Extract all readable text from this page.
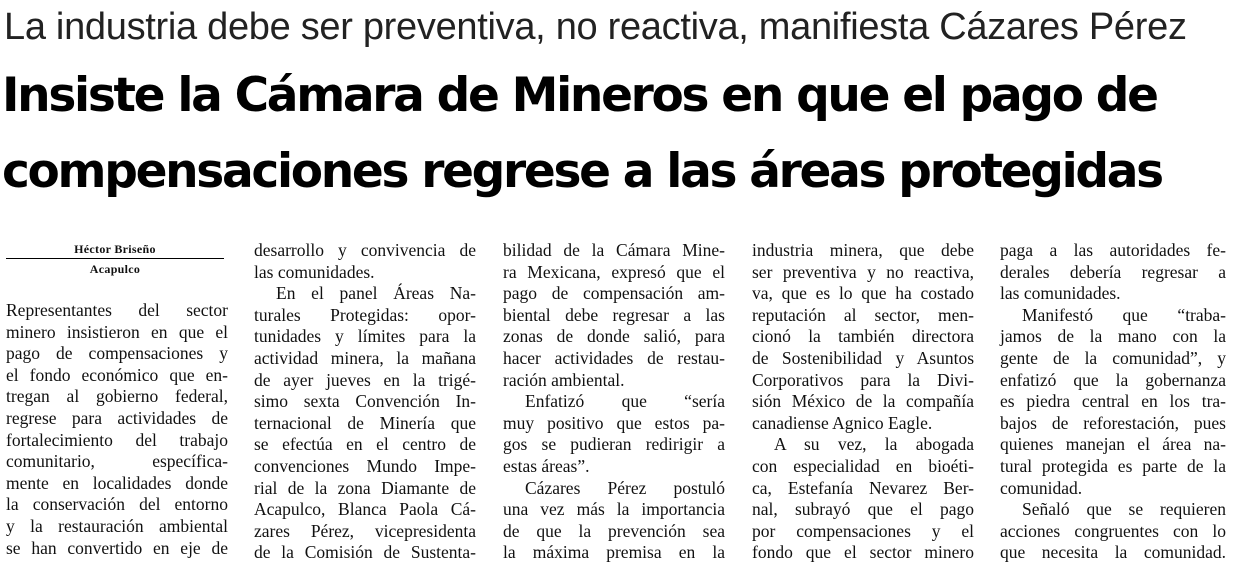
La industria debe ser preventiva, no reactiva, manifiesta Cázares Pérez
Insiste la Cámara de Mineros en que el pago de
compensaciones regrese a las áreas protegidas
Héctor Briseño
Acapulco
Representantes del sector
minero insistieron en que el
pago de compensaciones y
el fondo económico que en-
tregan al gobierno federal,
regrese para actividades de
fortalecimiento del trabajo
comunitario, específica-
mente en localidades donde
la conservación del entorno
y la restauración ambiental
se han convertido en eje de
desarrollo y convivencia de
las comunidades.
En el panel Áreas Na-
turales Protegidas: opor-
tunidades y límites para la
actividad minera, la mañana
de ayer jueves en la trigé-
simo sexta Convención In-
ternacional de Minería que
se efectúa en el centro de
convenciones Mundo Impe-
rial de la zona Diamante de
Acapulco, Blanca Paola Cá-
zares Pérez, vicepresidenta
de la Comisión de Sustenta-
bilidad de la Cámara Mine-
ra Mexicana, expresó que el
pago de compensación am-
biental debe regresar a las
zonas de donde salió, para
hacer actividades de restau-
ración ambiental.
Enfatizó que “sería
muy positivo que estos pa-
gos se pudieran redirigir a
estas áreas”.
Cázares Pérez postuló
una vez más la importancia
de que la prevención sea
la máxima premisa en la
industria minera, que debe
ser preventiva y no reactiva,
va, que es lo que ha costado
reputación al sector, men-
cionó la también directora
de Sostenibilidad y Asuntos
Corporativos para la Divi-
sión México de la compañía
canadiense Agnico Eagle.
A su vez, la abogada
con especialidad en bioéti-
ca, Estefanía Nevarez Ber-
nal, subrayó que el pago
por compensaciones y el
fondo que el sector minero
paga a las autoridades fe-
derales debería regresar a
las comunidades.
Manifestó que “traba-
jamos de la mano con la
gente de la comunidad”, y
enfatizó que la gobernanza
es piedra central en los tra-
bajos de reforestación, pues
quienes manejan el área na-
tural protegida es parte de la
comunidad.
Señaló que se requieren
acciones congruentes con lo
que necesita la comunidad.
